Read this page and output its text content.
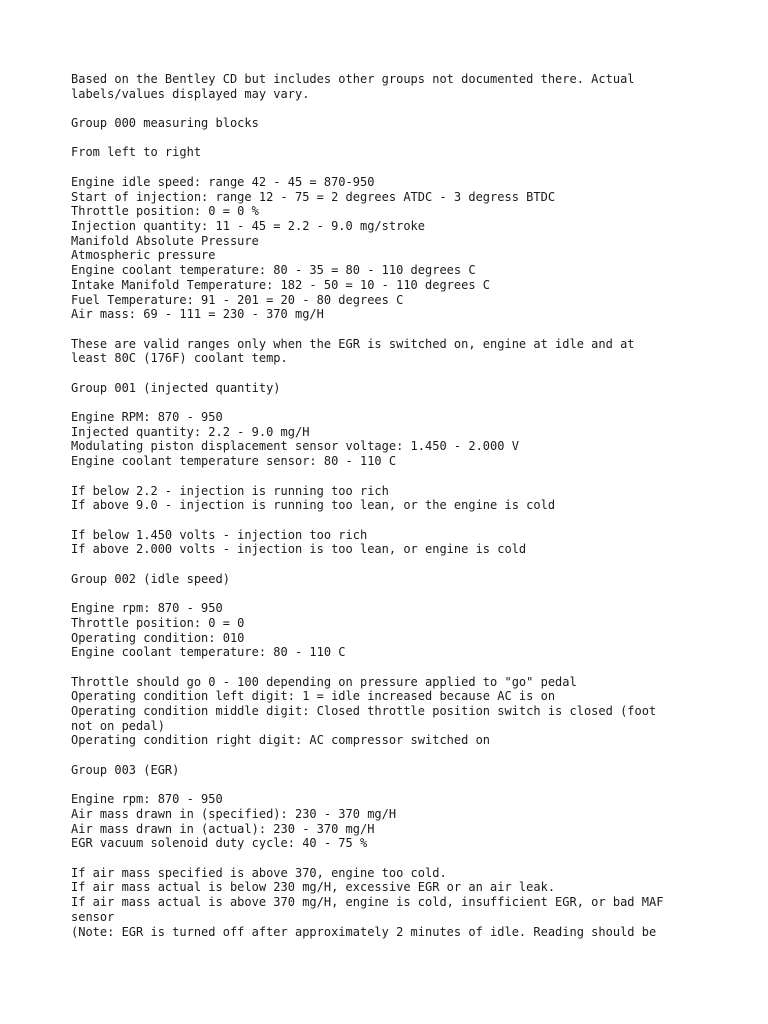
Based on the Bentley CD but includes other groups not documented there. Actual
labels/values displayed may vary.
Group 000 measuring blocks
From left to right
Engine idle speed: range 42 - 45 = 870-950
Start of injection: range 12 - 75 = 2 degrees ATDC - 3 degress BTDC
Throttle position: 0 = 0 %
Injection quantity: 11 - 45 = 2.2 - 9.0 mg/stroke
Manifold Absolute Pressure
Atmospheric pressure
Engine coolant temperature: 80 - 35 = 80 - 110 degrees C
Intake Manifold Temperature: 182 - 50 = 10 - 110 degrees C
Fuel Temperature: 91 - 201 = 20 - 80 degrees C
Air mass: 69 - 111 = 230 - 370 mg/H
These are valid ranges only when the EGR is switched on, engine at idle and at
least 80C (176F) coolant temp.
Group 001 (injected quantity)
Engine RPM: 870 - 950
Injected quantity: 2.2 - 9.0 mg/H
Modulating piston displacement sensor voltage: 1.450 - 2.000 V
Engine coolant temperature sensor: 80 - 110 C
If below 2.2 - injection is running too rich
If above 9.0 - injection is running too lean, or the engine is cold
If below 1.450 volts - injection too rich
If above 2.000 volts - injection is too lean, or engine is cold
Group 002 (idle speed)
Engine rpm: 870 - 950
Throttle position: 0 = 0
Operating condition: 010
Engine coolant temperature: 80 - 110 C
Throttle should go 0 - 100 depending on pressure applied to "go" pedal
Operating condition left digit: 1 = idle increased because AC is on
Operating condition middle digit: Closed throttle position switch is closed (foot
not on pedal)
Operating condition right digit: AC compressor switched on
Group 003 (EGR)
Engine rpm: 870 - 950
Air mass drawn in (specified): 230 - 370 mg/H
Air mass drawn in (actual): 230 - 370 mg/H
EGR vacuum solenoid duty cycle: 40 - 75 %
If air mass specified is above 370, engine too cold.
If air mass actual is below 230 mg/H, excessive EGR or an air leak.
If air mass actual is above 370 mg/H, engine is cold, insufficient EGR, or bad MAF
sensor
(Note: EGR is turned off after approximately 2 minutes of idle. Reading should be
